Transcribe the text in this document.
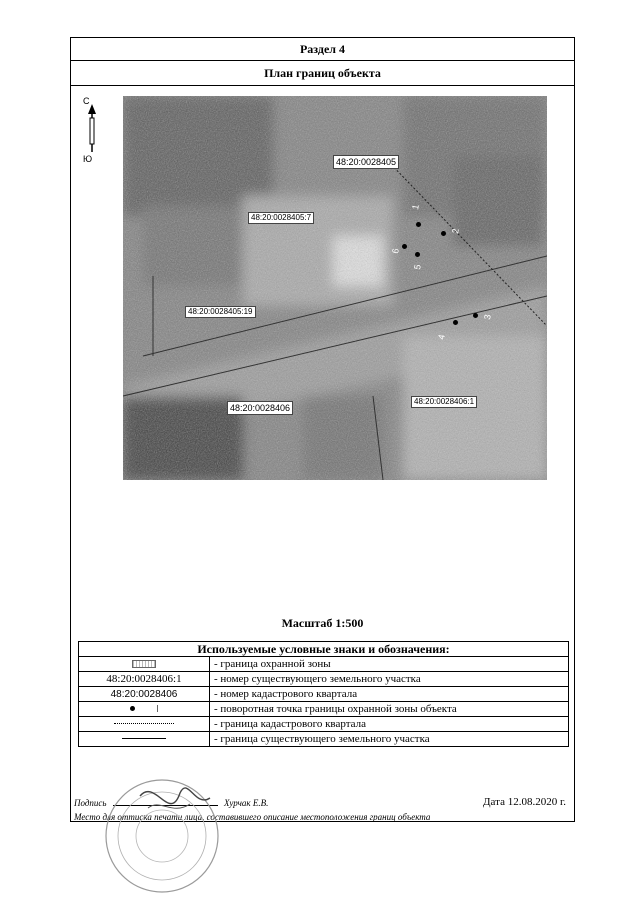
Раздел 4
План границ объекта
С
Ю	48:20:0028405
48:20:0028405:7
48:20:0028405:19
48:20:0028406
48:20:0028406:1
1
2
6
5
4
3
Масштаб 1:500
Используемые условные знаки и обозначения:	
	- граница охранной зоны
48:20:0028406:1	- номер существующего земельного участка
48:20:0028406	- номер кадастрового квартала
	- поворотная точка границы охранной зоны объекта
	- граница кадастрового квартала
	- граница существующего земельного участка
Подпись	Хурчак Е.В.
Место для оттиска печати лица, составившего описание местоположения границ объекта
Дата 12.08.2020 г.
